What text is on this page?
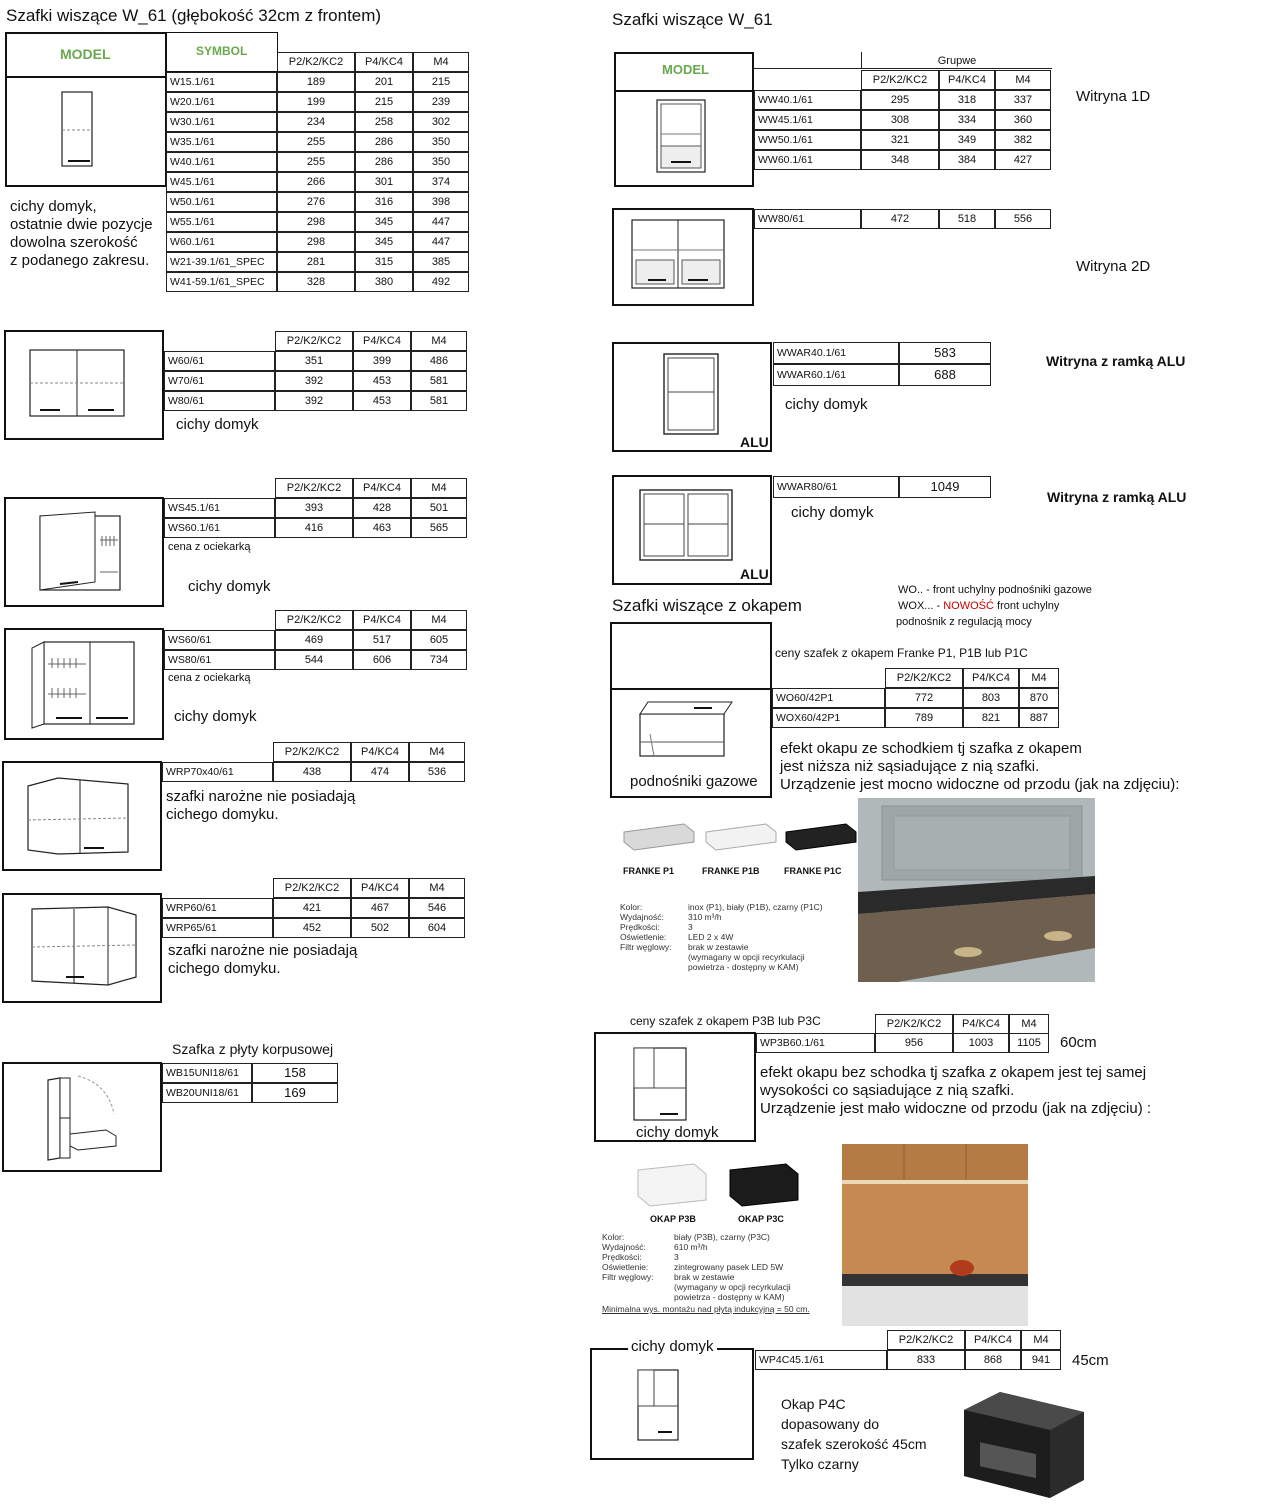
Szafki wiszące W_61 (głębokość 32cm z frontem)
MODEL	SYMBOL
P2/K2/KC2	P4/KC4	M4
W15.1/61	189	201	215
W20.1/61	199	215	239
W30.1/61	234	258	302
W35.1/61	255	286	350
W40.1/61	255	286	350
W45.1/61	266	301	374
W50.1/61	276	316	398
W55.1/61	298	345	447
W60.1/61	298	345	447
W21-39.1/61_SPEC	281	315	385
W41-59.1/61_SPEC	328	380	492
cichy domyk,
ostatnie dwie pozycje
dowolna szerokość
z podanego zakresu.
P2/K2/KC2	P4/KC4	M4
W60/61	351	399	486
W70/61	392	453	581
W80/61	392	453	581
cichy domyk
P2/K2/KC2	P4/KC4	M4
WS45.1/61	393	428	501
WS60.1/61	416	463	565
cena z ociekarką
cichy domyk
P2/K2/KC2	P4/KC4	M4
WS60/61	469	517	605
WS80/61	544	606	734
cena z ociekarką
cichy domyk
P2/K2/KC2	P4/KC4	M4
WRP70x40/61	438	474	536
szafki narożne nie posiadają
cichego domyku.
P2/K2/KC2	P4/KC4	M4
WRP60/61	421	467	546
WRP65/61	452	502	604
szafki narożne nie posiadają
cichego domyku.
Szafka z płyty korpusowej
WB15UNI18/61	158
WB20UNI18/61	169
Szafki wiszące W_61
MODEL
Grupwe
P2/K2/KC2	P4/KC4	M4
WW40.1/61	295	318	337
WW45.1/61	308	334	360
WW50.1/61	321	349	382
WW60.1/61	348	384	427
Witryna 1D
WW80/61	472	518	556
Witryna 2D
ALU
WWAR40.1/61	583
WWAR60.1/61	688
cichy domyk
Witryna z ramką ALU
ALU
WWAR80/61	1049
cichy domyk
Witryna z ramką ALU
Szafki wiszące z okapem
WO.. - front uchylny podnośniki gazowe
WOX... - NOWOŚĆ front uchylny
podnośnik z regulacją mocy
podnośniki gazowe
ceny szafek z okapem Franke P1, P1B lub P1C
P2/K2/KC2	P4/KC4	M4
WO60/42P1	772	803	870
WOX60/42P1	789	821	887
efekt okapu ze schodkiem tj szafka z okapem
jest niższa niż sąsiadujące z nią szafki.
Urządzenie jest mocno widoczne od przodu (jak na zdjęciu):
FRANKE P1	FRANKE P1B	FRANKE P1C
Kolor:
Wydajność:
Prędkości:
Oświetlenie:
Filtr węglowy:
inox (P1), biały (P1B), czarny (P1C)
310 m³/h
3
LED 2 x 4W
brak w zestawie
(wymagany w opcji recyrkulacji
powietrza - dostępny w KAM)
ceny szafek z okapem P3B lub P3C	P2/K2/KC2	P4/KC4	M4
cichy domyk
WP3B60.1/61	956	1003	1105	60cm
efekt okapu bez schodka tj szafka z okapem jest tej samej
wysokości co sąsiadujące z nią szafki.
Urządzenie jest mało widoczne od przodu (jak na zdjęciu) :
OKAP P3B	OKAP P3C
Kolor:
Wydajność:
Prędkości:
Oświetlenie:
Filtr węglowy:
biały (P3B), czarny (P3C)
610 m³/h
3
zintegrowany pasek LED 5W
brak w zestawie
(wymagany w opcji recyrkulacji
powietrza - dostępny w KAM)
Minimalna wys. montażu nad płytą indukcyjną = 50 cm.
cichy domyk	P2/K2/KC2	P4/KC4	M4
WP4C45.1/61	833	868	941	45cm
Okap P4C
dopasowany do
szafek szerokość 45cm
Tylko czarny
